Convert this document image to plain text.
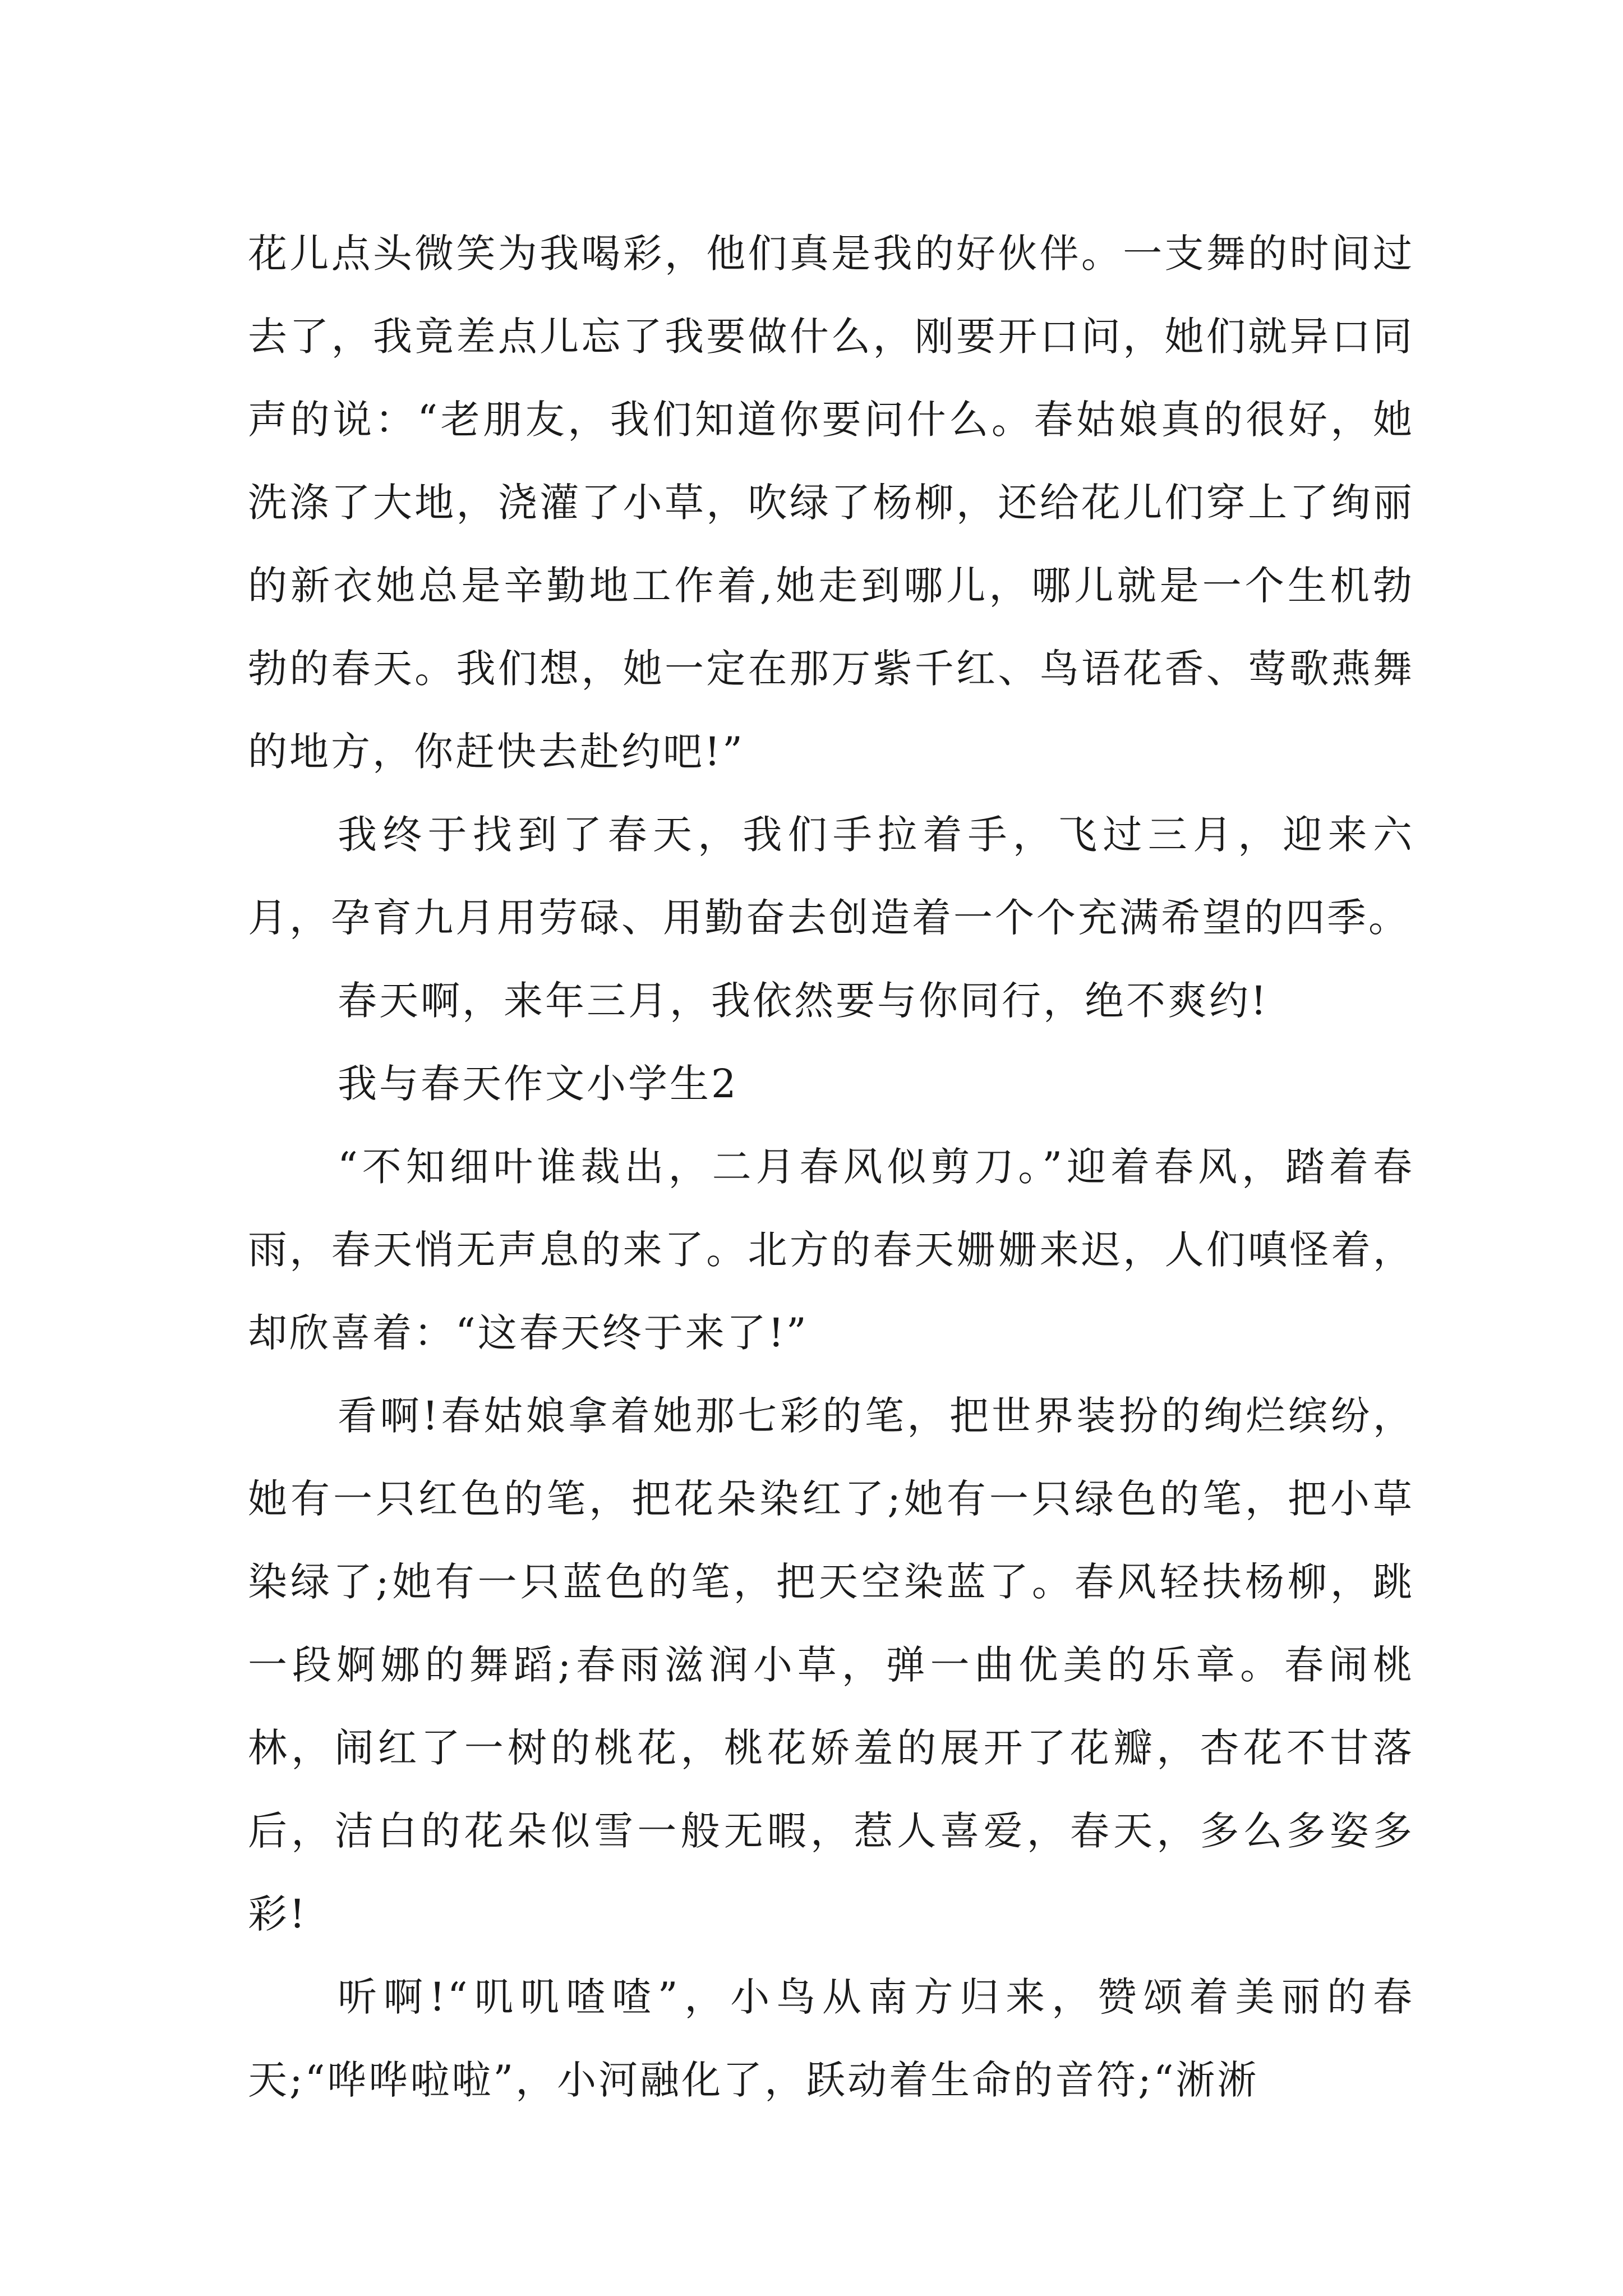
花儿点头微笑为我喝彩，他们真是我的好伙伴。一支舞的时间过去了，我竟差点儿忘了我要做什么，刚要开口问，她们就异口同声的说：“老朋友，我们知道你要问什么。春姑娘真的很好，她洗涤了大地，浇灌了小草，吹绿了杨柳，还给花儿们穿上了绚丽的新衣她总是辛勤地工作着,她走到哪儿，哪儿就是一个生机勃勃的春天。我们想，她一定在那万紫千红、鸟语花香、莺歌燕舞的地方，你赶快去赴约吧!”

我终于找到了春天，我们手拉着手，飞过三月，迎来六月，孕育九月用劳碌、用勤奋去创造着一个个充满希望的四季。

春天啊，来年三月，我依然要与你同行，绝不爽约!

我与春天作文小学生2

“不知细叶谁裁出，二月春风似剪刀。”迎着春风，踏着春雨，春天悄无声息的来了。北方的春天姗姗来迟，人们嗔怪着，却欣喜着：“这春天终于来了!”

看啊!春姑娘拿着她那七彩的笔，把世界装扮的绚烂缤纷，她有一只红色的笔，把花朵染红了;她有一只绿色的笔，把小草染绿了;她有一只蓝色的笔，把天空染蓝了。春风轻扶杨柳，跳一段婀娜的舞蹈;春雨滋润小草，弹一曲优美的乐章。春闹桃林，闹红了一树的桃花，桃花娇羞的展开了花瓣，杏花不甘落后，洁白的花朵似雪一般无暇，惹人喜爱，春天，多么多姿多彩!

听啊!“叽叽喳喳”，小鸟从南方归来，赞颂着美丽的春天;“哗哗啦啦”，小河融化了，跃动着生命的音符;“淅淅
